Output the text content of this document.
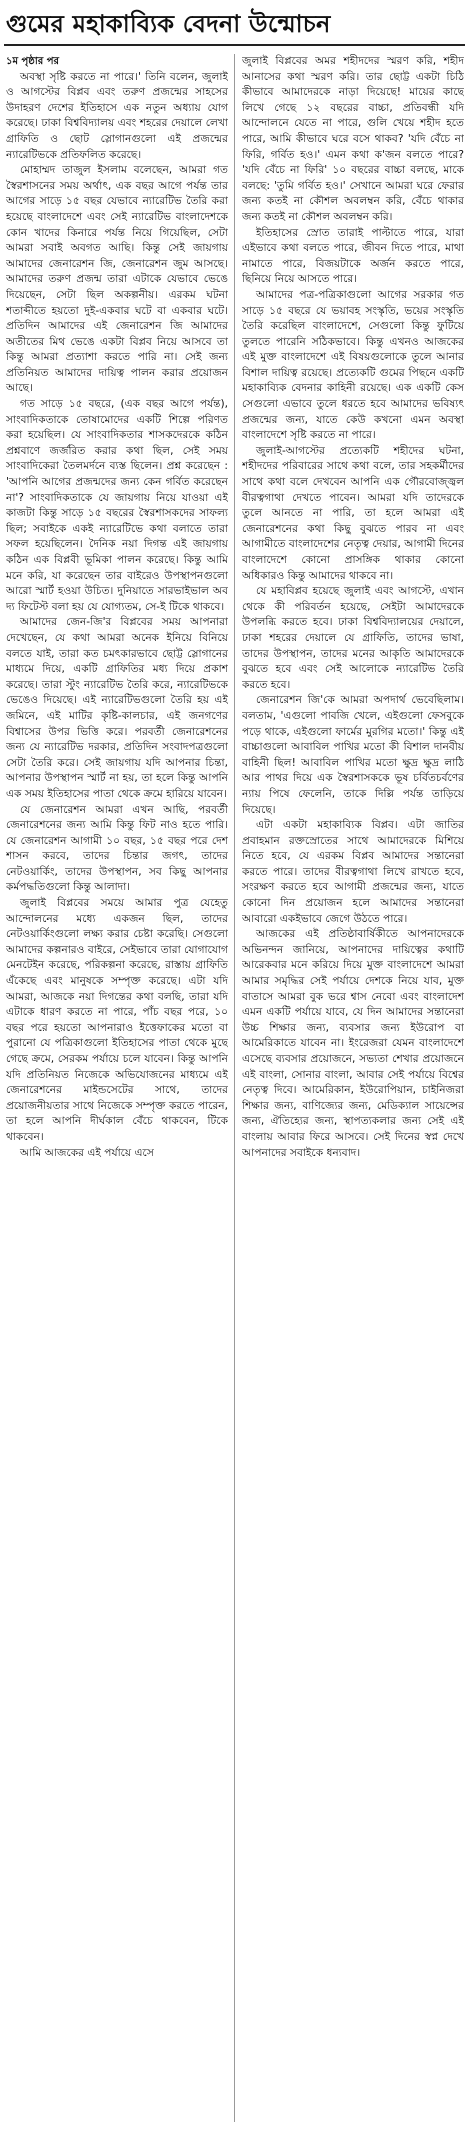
গুমের মহাকাব্যিক বেদনা উন্মোচন

১ম পৃষ্ঠার পর

অবস্থা সৃষ্টি করতে না পারে।' তিনি বলেন, জুলাই ও আগস্টের বিপ্লব এবং তরুণ প্রজন্মের সাহসের উদাহরণ দেশের ইতিহাসে এক নতুন অধ্যায় যোগ করেছে। ঢাকা বিশ্ববিদ্যালয় এবং শহরের দেয়ালে লেখা গ্রাফিতি ও ছোট স্লোগানগুলো এই প্রজন্মের ন্যারেটিভকে প্রতিফলিত করেছে।

মোহাম্মদ তাজুল ইসলাম বলেছেন, আমরা গত স্বৈরশাসনের সময় অর্থাৎ, এক বছর আগে পর্যন্ত তার আগের সাড়ে ১৫ বছর যেভাবে ন্যারেটিভ তৈরি করা হয়েছে বাংলাদেশে এবং সেই ন্যারেটিভ বাংলাদেশকে কোন খাদের কিনারে পর্যন্ত নিয়ে গিয়েছিল, সেটা আমরা সবাই অবগত আছি। কিন্তু সেই জায়গায় আমাদের জেনারেশন জি, জেনারেশন জুম আসছে। আমাদের তরুণ প্রজন্ম তারা এটাকে যেভাবে ভেঙে দিয়েছেন, সেটা ছিল অকল্পনীয়। এরকম ঘটনা শতাব্দীতে হয়তো দুই-একবার ঘটে বা একবার ঘটে। প্রতিদিন আমাদের এই জেনারেশন জি আমাদের অতীতের মিথ ভেঙে একটা বিপ্লব নিয়ে আসবে তা কিন্তু আমরা প্রত্যাশা করতে পারি না। সেই জন্য প্রতিনিয়ত আমাদের দায়িত্ব পালন করার প্রয়োজন আছে।

গত সাড়ে ১৫ বছরে, (এক বছর আগে পর্যন্ত), সাংবাদিকতাকে তোষামোদের একটি শিল্পে পরিণত করা হয়েছিল। যে সাংবাদিকতার শাসকদেরকে কঠিন প্রশ্নবাণে জর্জরিত করার কথা ছিল, সেই সময় সাংবাদিকেরা তৈলমর্দনে ব্যস্ত ছিলেন। প্রশ্ন করেছেন : 'আপনি আগের প্রজন্মদের জন্য কেন গর্বিত করেছেন না'? সাংবাদিকতাকে যে জায়গায় নিয়ে যাওয়া এই কাজটা কিন্তু সাড়ে ১৫ বছরের স্বৈরশাসকদের সাফল্য ছিল; সবাইকে একই ন্যারেটিভে কথা বলাতে তারা সফল হয়েছিলেন। দৈনিক নয়া দিগন্ত এই জায়গায় কঠিন এক বিপ্লবী ভূমিকা পালন করেছে। কিন্তু আমি মনে করি, যা করেছেন তার বাইরেও উপস্থাপনগুলো আরো স্মার্ট হওয়া উচিত। দুনিয়াতে সারভাইভাল অব দ্য ফিটেস্ট বলা হয় যে যোগ্যতম, সে-ই টিকে থাকবে।

আমাদের জেন-জি'র বিপ্লবের সময় আপনারা দেখেছেন, যে কথা আমরা অনেক ইনিয়ে বিনিয়ে বলতে যাই, তারা কত চমৎকারভাবে ছোট্ট স্লোগানের মাধ্যমে দিয়ে, একটি গ্রাফিতির মধ্য দিয়ে প্রকাশ করেছে। তারা স্টুং ন্যারেটিভ তৈরি করে, ন্যারেটিভকে ভেঙেও দিয়েছে। এই ন্যারেটিভগুলো তৈরি হয় এই জমিনে, এই মাটির কৃষ্টি-কালচার, এই জনগণের বিশ্বাসের উপর ভিত্তি করে। পরবর্তী জেনারেশনের জন্য যে ন্যারেটিভ দরকার, প্রতিদিন সংবাদপত্রগুলো সেটা তৈরি করে। সেই জায়গায় যদি আপনার চিন্তা, আপনার উপস্থাপন স্মার্ট না হয়, তা হলে কিন্তু আপনি এক সময় ইতিহাসের পাতা থেকে ক্রমে হারিয়ে যাবেন।

যে জেনারেশন আমরা এখন আছি, পরবর্তী জেনারেশনের জন্য আমি কিন্তু ফিট নাও হতে পারি। যে জেনারেশন আগামী ১০ বছর, ১৫ বছর পরে দেশ শাসন করবে, তাদের চিন্তার জগৎ, তাদের নেটওয়ার্কিং, তাদের উপস্থাপন, সব কিছু আপনার কর্মপদ্ধতিগুলো কিন্তু আলাদা।

জুলাই বিপ্লবের সময়ে আমার পুত্র যেহেতু আন্দোলনের মধ্যে একজন ছিল, তাদের নেটওয়ার্কিংগুলো লক্ষ্য করার চেষ্টা করেছি। সেগুলো আমাদের কল্পনারও বাইরে, সেইভাবে তারা যোগাযোগ মেনটেইন করেছে, পরিকল্পনা করেছে, রাস্তায় গ্রাফিতি এঁকেছে এবং মানুষকে সম্পৃক্ত করেছে। এটা যদি আমরা, আজকে নয়া দিগন্তের কথা বলছি, তারা যদি এটাকে ধারণ করতে না পারে, পাঁচ বছর পরে, ১০ বছর পরে হয়তো আপনারাও ইত্তেফাকের মতো বা পুরানো যে পত্রিকাগুলো ইতিহাসের পাতা থেকে মুছে গেছে ক্রমে, সেরকম পর্যায়ে চলে যাবেন। কিন্তু আপনি যদি প্রতিনিয়ত নিজেকে অভিযোজনের মাধ্যমে এই জেনারেশনের মাইন্ডসেটের সাথে, তাদের প্রয়োজনীয়তার সাথে নিজেকে সম্পৃক্ত করতে পারেন, তা হলে আপনি দীর্ঘকাল বেঁচে থাকবেন, টিকে থাকবেন।

আমি আজকের এই পর্যায়ে এসে

জুলাই বিপ্লবের অমর শহীদদের স্মরণ করি, শহীদ আনাসের কথা স্মরণ করি। তার ছোট্ট একটা চিঠি কীভাবে আমাদেরকে নাড়া দিয়েছে! মায়ের কাছে লিখে গেছে ১২ বছরের বাচ্চা, প্রতিবন্ধী যদি আন্দোলনে যেতে না পারে, গুলি খেয়ে শহীদ হতে পারে, আমি কীভাবে ঘরে বসে থাকব? 'যদি বেঁচে না ফিরি, গর্বিত হও।' এমন কথা ক'জন বলতে পারে? 'যদি বেঁচে না ফিরি' ১০ বছরের বাচ্চা বলছে, মাকে বলছে: 'তুমি গর্বিত হও।' সেখানে আমরা ঘরে ফেরার জন্য কতই না কৌশল অবলম্বন করি, বেঁচে থাকার জন্য কতই না কৌশল অবলম্বন করি।

ইতিহাসের স্রোত তারাই পাল্টাতে পারে, যারা এইভাবে কথা বলতে পারে, জীবন দিতে পারে, মাথা নামাতে পারে, বিজয়টাকে অর্জন করতে পারে, ছিনিয়ে নিয়ে আসতে পারে।

আমাদের পত্র-পত্রিকাগুলো আগের সরকার গত সাড়ে ১৫ বছরে যে ভয়াবহ সংস্কৃতি, ভয়ের সংস্কৃতি তৈরি করেছিল বাংলাদেশে, সেগুলো কিন্তু ফুটিয়ে তুলতে পারেনি সঠিকভাবে। কিন্তু এখনও আজকের এই মুক্ত বাংলাদেশে এই বিষয়গুলোকে তুলে আনার বিশাল দায়িত্ব রয়েছে। প্রত্যেকটি গুমের পিছনে একটি মহাকাব্যিক বেদনার কাহিনী রয়েছে। এক একটি কেস সেগুলো এভাবে তুলে ধরতে হবে আমাদের ভবিষ্যৎ প্রজন্মের জন্য, যাতে কেউ কখনো এমন অবস্থা বাংলাদেশে সৃষ্টি করতে না পারে।

জুলাই-আগস্টের প্রত্যেকটি শহীদের ঘটনা, শহীদদের পরিবারের সাথে কথা বলে, তার সহকর্মীদের সাথে কথা বলে দেখবেন আপনি এক গৌরবোজ্জ্বল বীরত্বগাথা দেখতে পাবেন। আমরা যদি তাদেরকে তুলে আনতে না পারি, তা হলে আমরা এই জেনারেশনের কথা কিছু বুঝতে পারব না এবং আগামীতে বাংলাদেশের নেতৃত্ব দেয়ার, আগামী দিনের বাংলাদেশে কোনো প্রাসঙ্গিক থাকার কোনো অধিকারও কিন্তু আমাদের থাকবে না।

যে মহাবিপ্লব হয়েছে জুলাই এবং আগস্টে, এখান থেকে কী পরিবর্তন হয়েছে, সেইটা আমাদেরকে উপলব্ধি করতে হবে। ঢাকা বিশ্ববিদ্যালয়ের দেয়ালে, ঢাকা শহরের দেয়ালে যে গ্রাফিতি, তাদের ভাষা, তাদের উপস্থাপন, তাদের মনের আকৃতি আমাদেরকে বুঝতে হবে এবং সেই আলোকে ন্যারেটিভ তৈরি করতে হবে।

জেনারেশন জি'কে আমরা অপদার্থ ভেবেছিলাম। বলতাম, 'এগুলো পাবজি খেলে, এইগুলো ফেসবুকে পড়ে থাকে, এইগুলো ফার্মের মুরগির মতো।' কিন্তু এই বাচ্চাগুলো আবাবিল পাখির মতো কী বিশাল দানবীয় বাহিনী ছিল! আবাবিল পাখির মতো ক্ষুদ্র ক্ষুদ্র লাঠি আর পাথর দিয়ে এক স্বৈরশাসককে ভূষ চর্বিতচর্বণের ন্যায় পিষে ফেলেনি, তাকে দিল্লি পর্যন্ত তাড়িয়ে দিয়েছে।

এটা একটা মহাকাব্যিক বিপ্লব। এটা জাতির প্রবাহমান রক্তস্রোতের সাথে আমাদেরকে মিশিয়ে নিতে হবে, যে এরকম বিপ্লব আমাদের সন্তানেরা করতে পারে। তাদের বীরত্বগাথা লিখে রাখতে হবে, সংরক্ষণ করতে হবে আগামী প্রজন্মের জন্য, যাতে কোনো দিন প্রয়োজন হলে আমাদের সন্তানেরা আবারো একইভাবে জেগে উঠতে পারে।

আজকের এই প্রতিষ্ঠাবার্ষিকীতে আপনাদেরকে অভিনন্দন জানিয়ে, আপনাদের দায়িত্বের কথাটি আরেকবার মনে করিয়ে দিয়ে মুক্ত বাংলাদেশে আমরা আমার সমৃদ্ধির সেই পর্যায়ে দেশকে নিয়ে যাব, মুক্ত বাতাসে আমরা বুক ভরে শ্বাস নেবো এবং বাংলাদেশ এমন একটি পর্যায়ে যাবে, যে দিন আমাদের সন্তানেরা উচ্চ শিক্ষার জন্য, ব্যবসার জন্য ইউরোপ বা আমেরিকাতে যাবেন না। ইংরেজরা যেমন বাংলাদেশে এসেছে ব্যবসার প্রয়োজনে, সভ্যতা শেখার প্রয়োজনে এই বাংলা, সোনার বাংলা, আবার সেই পর্যায়ে বিশ্বের নেতৃত্ব দিবে। আমেরিকান, ইউরোপিয়ান, চাইনিজরা শিক্ষার জন্য, বাণিজ্যের জন্য, মেডিক্যাল সায়েন্সের জন্য, ঐতিহ্যের জন্য, স্থাপত্যকলার জন্য সেই এই বাংলায় আবার ফিরে আসবে। সেই দিনের স্বপ্ন দেখে আপনাদের সবাইকে ধন্যবাদ।
